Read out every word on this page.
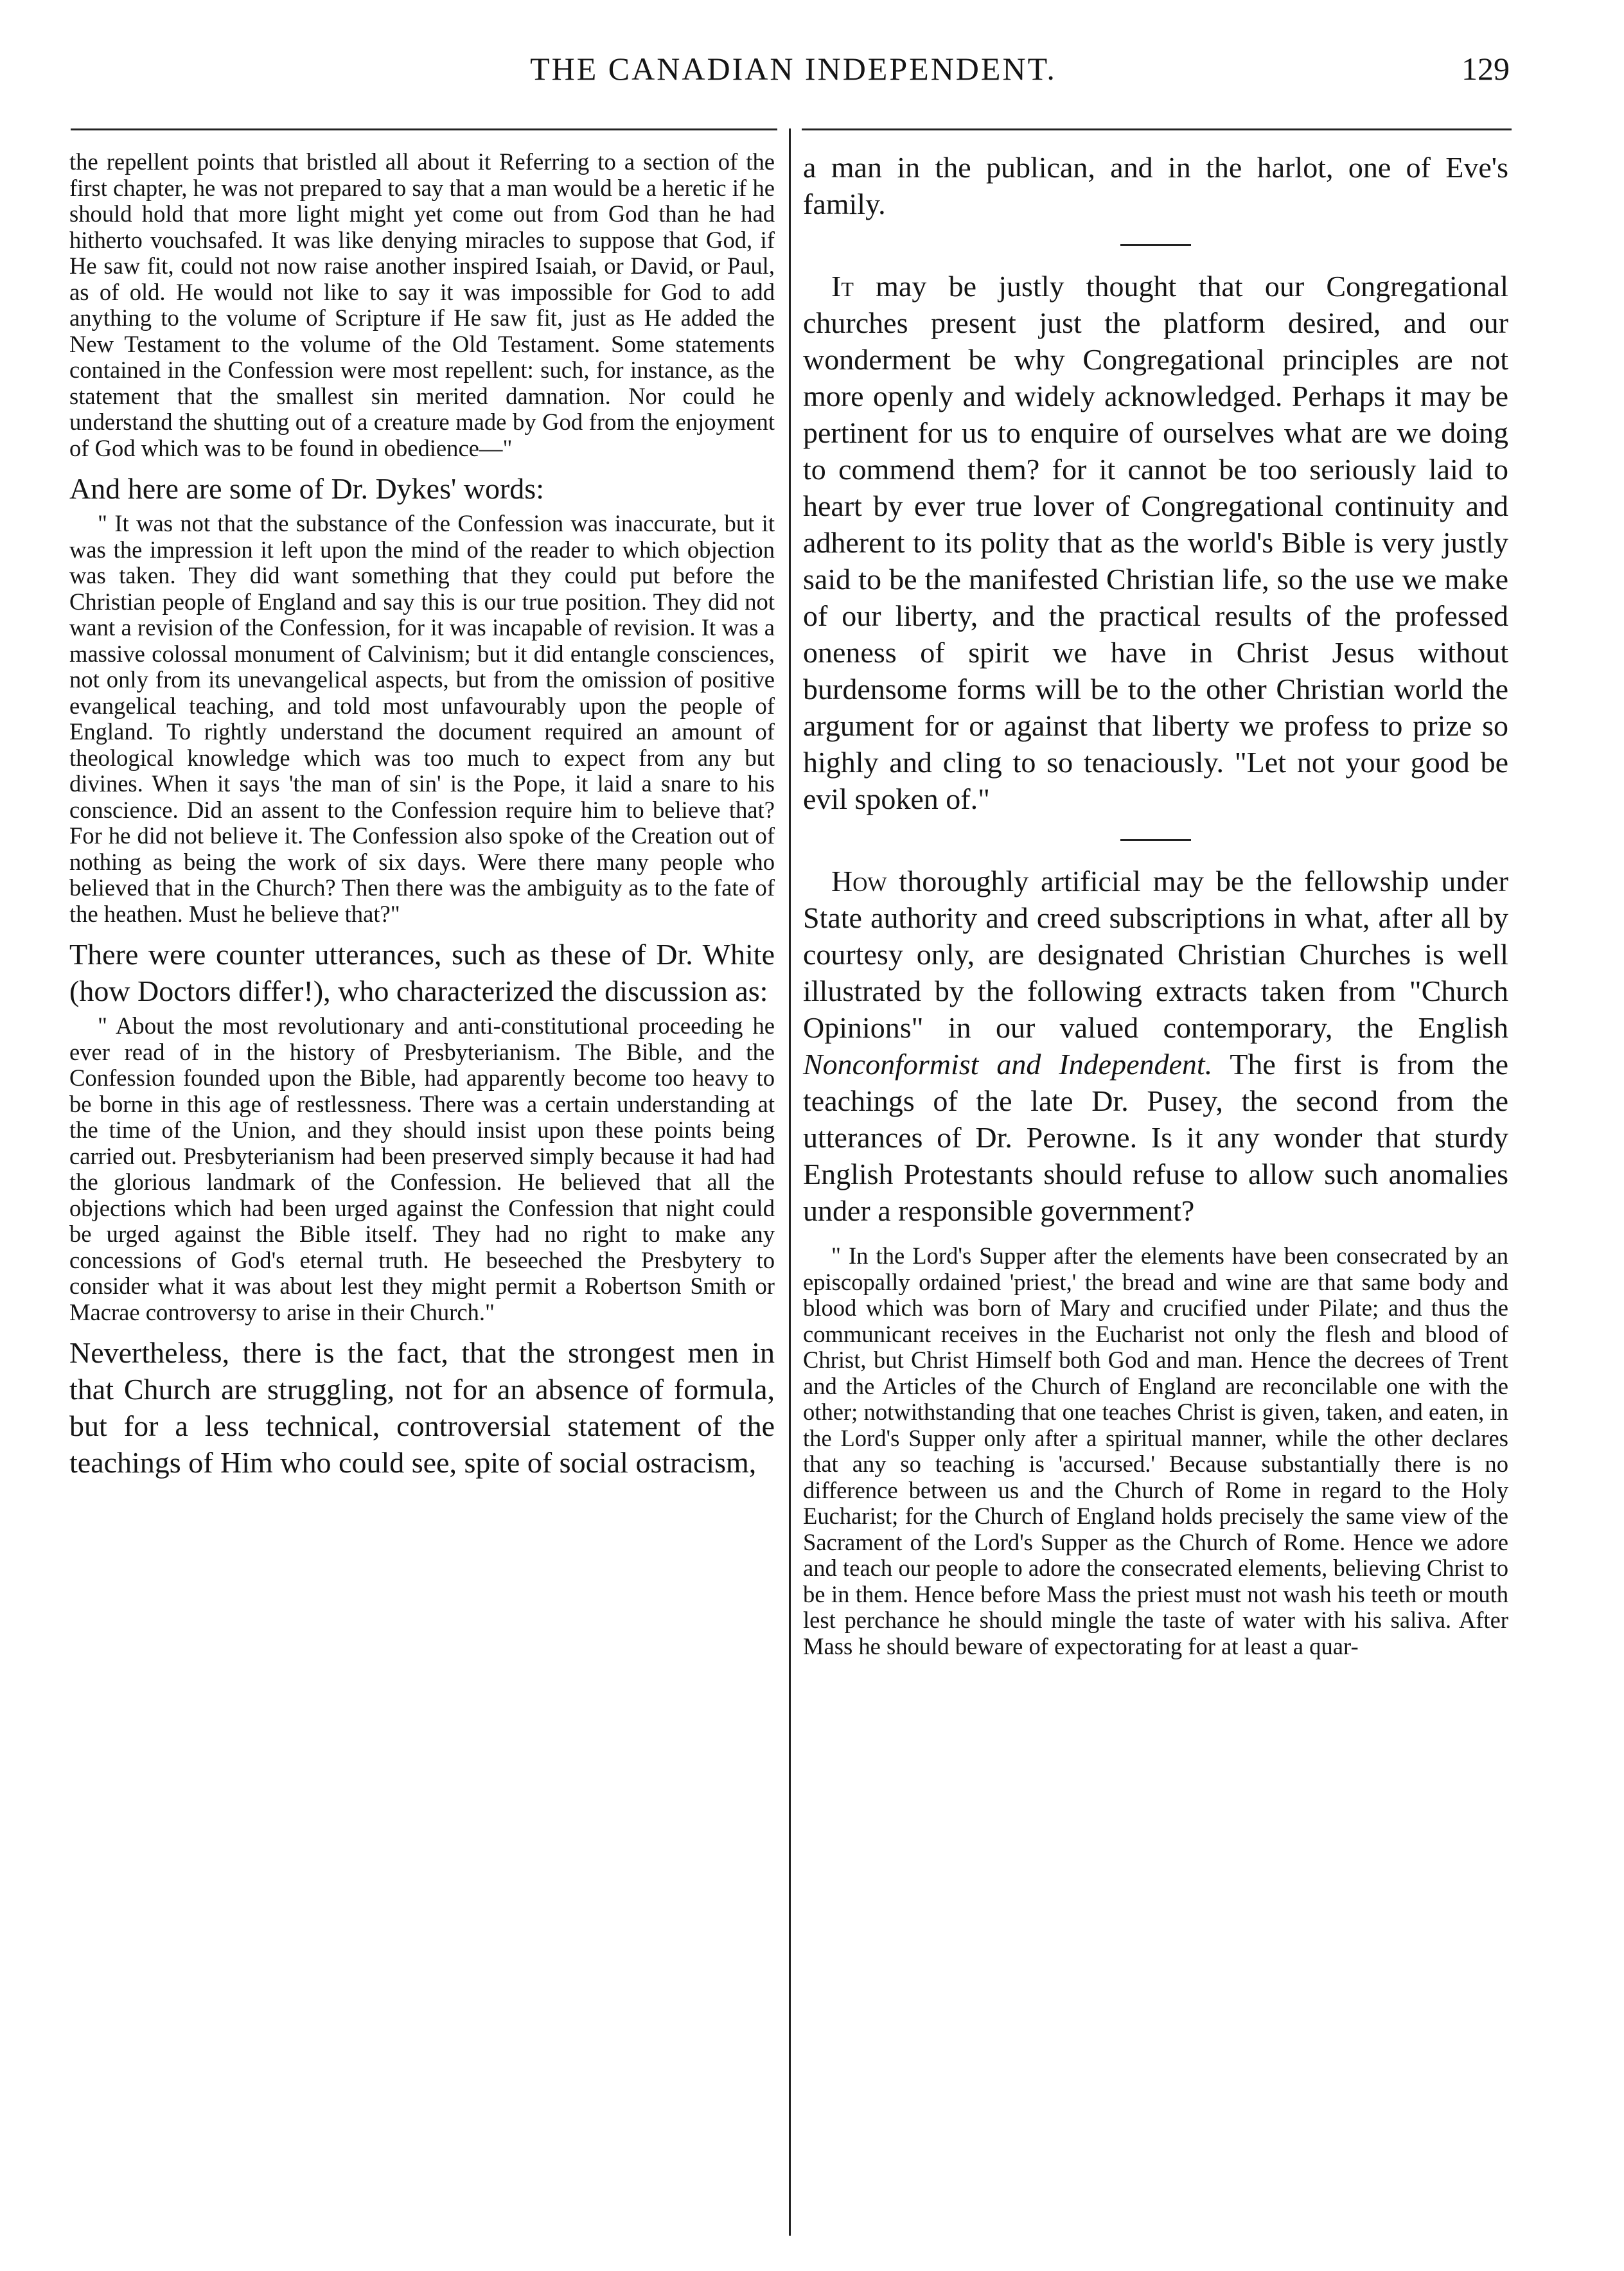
THE CANADIAN INDEPENDENT.	129

the repellent points that bristled all about it Referring to a section of the first chapter, he was not prepared to say that a man would be a heretic if he should hold that more light might yet come out from God than he had hitherto vouchsafed. It was like denying miracles to suppose that God, if He saw fit, could not now raise another inspired Isaiah, or David, or Paul, as of old. He would not like to say it was impossible for God to add anything to the volume of Scripture if He saw fit, just as He added the New Testament to the volume of the Old Testament. Some statements contained in the Confession were most repellent: such, for instance, as the statement that the smallest sin merited damnation. Nor could he understand the shutting out of a creature made by God from the enjoyment of God which was to be found in obedience—"

And here are some of Dr. Dykes' words:

" It was not that the substance of the Confession was inaccurate, but it was the impression it left upon the mind of the reader to which objection was taken. They did want something that they could put before the Christian people of England and say this is our true position. They did not want a revision of the Confession, for it was incapable of revision. It was a massive colossal monument of Calvinism; but it did entangle consciences, not only from its unevangelical aspects, but from the omission of positive evangelical teaching, and told most unfavourably upon the people of England. To rightly understand the document required an amount of theological knowledge which was too much to expect from any but divines. When it says 'the man of sin' is the Pope, it laid a snare to his conscience. Did an assent to the Confession require him to believe that? For he did not believe it. The Confession also spoke of the Creation out of nothing as being the work of six days. Were there many people who believed that in the Church? Then there was the ambiguity as to the fate of the heathen. Must he believe that?"

There were counter utterances, such as these of Dr. White (how Doctors differ!), who characterized the discussion as:

" About the most revolutionary and anti-constitutional proceeding he ever read of in the history of Presbyterianism. The Bible, and the Confession founded upon the Bible, had apparently become too heavy to be borne in this age of restlessness. There was a certain understanding at the time of the Union, and they should insist upon these points being carried out. Presbyterianism had been preserved simply because it had had the glorious landmark of the Confession. He believed that all the objections which had been urged against the Confession that night could be urged against the Bible itself. They had no right to make any concessions of God's eternal truth. He beseeched the Presbytery to consider what it was about lest they might permit a Robertson Smith or Macrae controversy to arise in their Church."

Nevertheless, there is the fact, that the strongest men in that Church are struggling, not for an absence of formula, but for a less technical, controversial statement of the teachings of Him who could see, spite of social ostracism,

a man in the publican, and in the harlot, one of Eve's family.

It may be justly thought that our Congregational churches present just the platform desired, and our wonderment be why Congregational principles are not more openly and widely acknowledged. Perhaps it may be pertinent for us to enquire of ourselves what are we doing to commend them? for it cannot be too seriously laid to heart by ever true lover of Congregational continuity and adherent to its polity that as the world's Bible is very justly said to be the manifested Christian life, so the use we make of our liberty, and the practical results of the professed oneness of spirit we have in Christ Jesus without burdensome forms will be to the other Christian world the argument for or against that liberty we profess to prize so highly and cling to so tenaciously. "Let not your good be evil spoken of."

How thoroughly artificial may be the fellowship under State authority and creed subscriptions in what, after all by courtesy only, are designated Christian Churches is well illustrated by the following extracts taken from "Church Opinions" in our valued contemporary, the English Nonconformist and Independent. The first is from the teachings of the late Dr. Pusey, the second from the utterances of Dr. Perowne. Is it any wonder that sturdy English Protestants should refuse to allow such anomalies under a responsible government?

" In the Lord's Supper after the elements have been consecrated by an episcopally ordained 'priest,' the bread and wine are that same body and blood which was born of Mary and crucified under Pilate; and thus the communicant receives in the Eucharist not only the flesh and blood of Christ, but Christ Himself both God and man. Hence the decrees of Trent and the Articles of the Church of England are reconcilable one with the other; notwithstanding that one teaches Christ is given, taken, and eaten, in the Lord's Supper only after a spiritual manner, while the other declares that any so teaching is 'accursed.' Because substantially there is no difference between us and the Church of Rome in regard to the Holy Eucharist; for the Church of England holds precisely the same view of the Sacrament of the Lord's Supper as the Church of Rome. Hence we adore and teach our people to adore the consecrated elements, believing Christ to be in them. Hence before Mass the priest must not wash his teeth or mouth lest perchance he should mingle the taste of water with his saliva. After Mass he should beware of expectorating for at least a quar-
